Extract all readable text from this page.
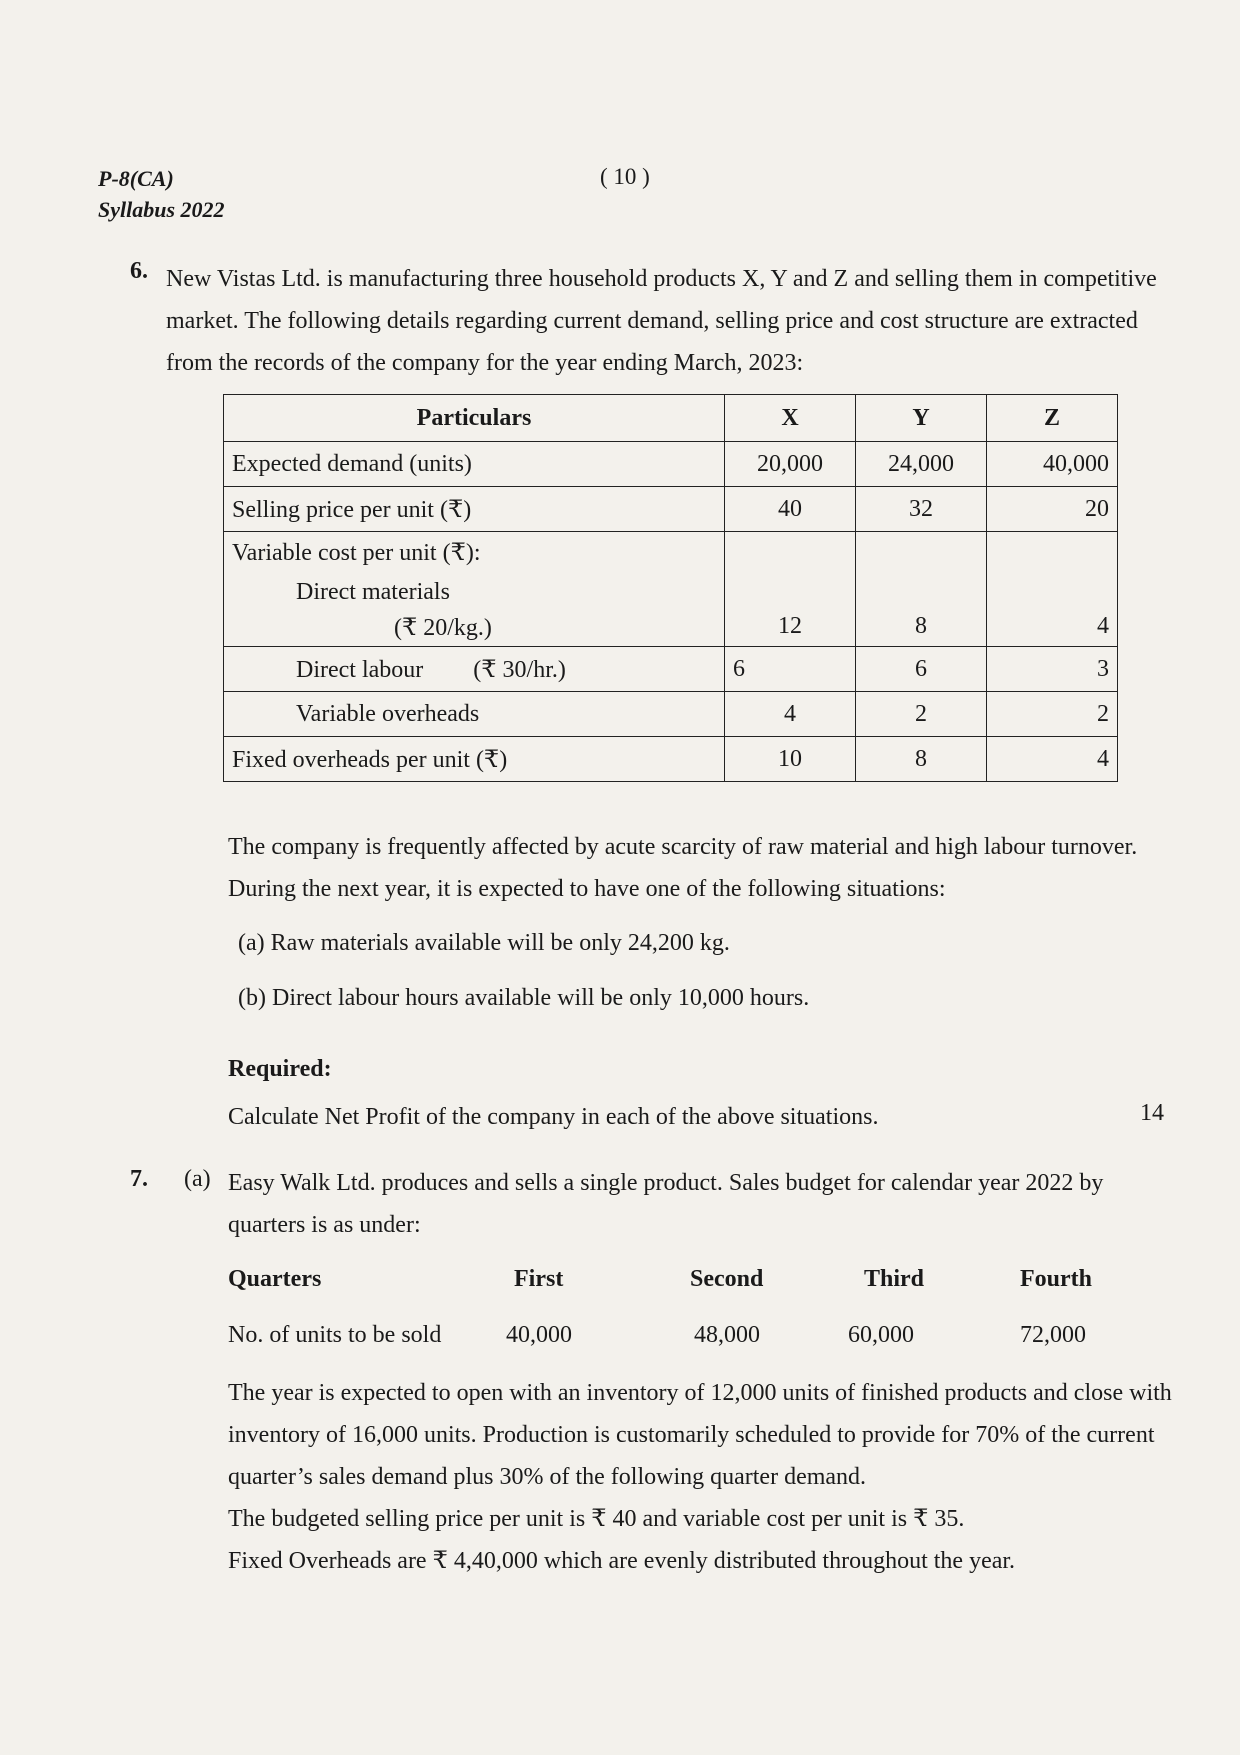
P-8(CA)
Syllabus 2022
( 10 )
6. New Vistas Ltd. is manufacturing three household products X, Y and Z and selling them in competitive market. The following details regarding current demand, selling price and cost structure are extracted from the records of the company for the year ending March, 2023:
Particulars	X	Y	Z
Expected demand (units)	20,000	24,000	40,000
Selling price per unit (₹)	40	32	20

Variable cost per unit (₹):
Direct materials
(₹ 20/kg.)	12	8	4
Direct labour (₹ 30/hr.)	6	6	3
Variable overheads	4	2	2
Fixed overheads per unit (₹)	10	8	4
The company is frequently affected by acute scarcity of raw material and high labour turnover. During the next year, it is expected to have one of the following situations:
(a) Raw materials available will be only 24,200 kg.
(b) Direct labour hours available will be only 10,000 hours.
Required:
Calculate Net Profit of the company in each of the above situations.	14
7. (a) Easy Walk Ltd. produces and sells a single product. Sales budget for calendar year 2022 by quarters is as under:
Quarters	First	Second	Third	Fourth
No. of units to be sold	40,000	48,000	60,000	72,000
The year is expected to open with an inventory of 12,000 units of finished products and close with inventory of 16,000 units. Production is customarily scheduled to provide for 70% of the current quarter’s sales demand plus 30% of the following quarter demand.
The budgeted selling price per unit is ₹ 40 and variable cost per unit is ₹ 35.
Fixed Overheads are ₹ 4,40,000 which are evenly distributed throughout the year.
